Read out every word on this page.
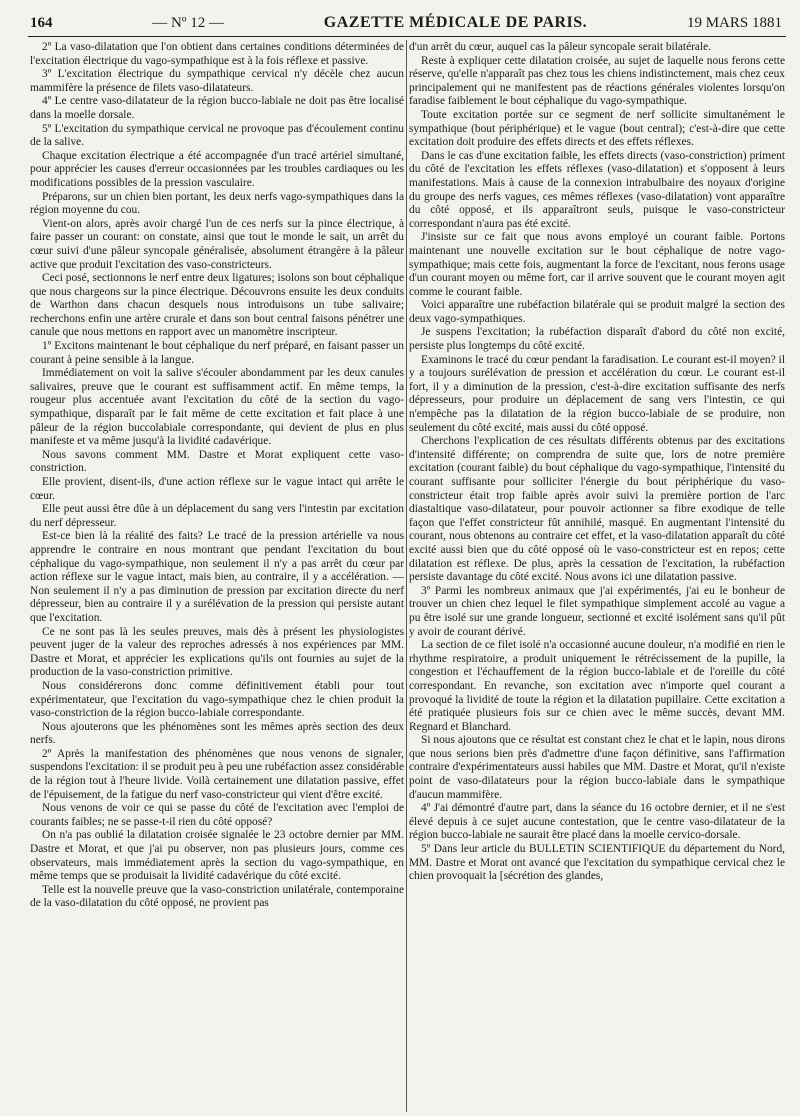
164	— Nº 12 —	GAZETTE MÉDICALE DE PARIS.	19 MARS 1881

2º La vaso-dilatation que l'on obtient dans certaines conditions déterminées de l'excitation électrique du vago-sympathique est à la fois réflexe et passive.

3º L'excitation électrique du sympathique cervical n'y décèle chez aucun mammifère la présence de filets vaso-dilatateurs.

4º Le centre vaso-dilatateur de la région bucco-labiale ne doit pas être localisé dans la moelle dorsale.

5º L'excitation du sympathique cervical ne provoque pas d'écoulement continu de la salive.

Chaque excitation électrique a été accompagnée d'un tracé artériel simultané, pour apprécier les causes d'erreur occasionnées par les troubles cardiaques ou les modifications possibles de la pression vasculaire.

Préparons, sur un chien bien portant, les deux nerfs vago-sympathiques dans la région moyenne du cou.

Vient-on alors, après avoir chargé l'un de ces nerfs sur la pince électrique, à faire passer un courant: on constate, ainsi que tout le monde le sait, un arrêt du cœur suivi d'une pâleur syncopale généralisée, absolument étrangère à la pâleur active que produit l'excitation des vaso-constricteurs.

Ceci posé, sectionnons le nerf entre deux ligatures; isolons son bout céphalique que nous chargeons sur la pince électrique. Découvrons ensuite les deux conduits de Warthon dans chacun desquels nous introduisons un tube salivaire; recherchons enfin une artère crurale et dans son bout central faisons pénétrer une canule que nous mettons en rapport avec un manomètre inscripteur.

1º Excitons maintenant le bout céphalique du nerf préparé, en faisant passer un courant à peine sensible à la langue.

Immédiatement on voit la salive s'écouler abondamment par les deux canules salivaires, preuve que le courant est suffisamment actif. En même temps, la rougeur plus accentuée avant l'excitation du côté de la section du vago-sympathique, disparaît par le fait même de cette excitation et fait place à une pâleur de la région buccolabiale correspondante, qui devient de plus en plus manifeste et va même jusqu'à la lividité cadavérique.

Nous savons comment MM. Dastre et Morat expliquent cette vaso-constriction.

Elle provient, disent-ils, d'une action réflexe sur le vague intact qui arrête le cœur.

Elle peut aussi être dûe à un déplacement du sang vers l'intestin par excitation du nerf dépresseur.

Est-ce bien là la réalité des faits? Le tracé de la pression artérielle va nous apprendre le contraire en nous montrant que pendant l'excitation du bout céphalique du vago-sympathique, non seulement il n'y a pas arrêt du cœur par action réflexe sur le vague intact, mais bien, au contraire, il y a accélération. — Non seulement il n'y a pas diminution de pression par excitation directe du nerf dépresseur, bien au contraire il y a surélévation de la pression qui persiste autant que l'excitation.

Ce ne sont pas là les seules preuves, mais dès à présent les physiologistes peuvent juger de la valeur des reproches adressés à nos expériences par MM. Dastre et Morat, et apprécier les explications qu'ils ont fournies au sujet de la production de la vaso-constriction primitive.

Nous considérerons donc comme définitivement établi pour tout expérimentateur, que l'excitation du vago-sympathique chez le chien produit la vaso-constriction de la région bucco-labiale correspondante.

Nous ajouterons que les phénomènes sont les mêmes après section des deux nerfs.

2º Après la manifestation des phénomènes que nous venons de signaler, suspendons l'excitation: il se produit peu à peu une rubéfaction assez considérable de la région tout à l'heure livide. Voilà certainement une dilatation passive, effet de l'épuisement, de la fatigue du nerf vaso-constricteur qui vient d'être excité.

Nous venons de voir ce qui se passe du côté de l'excitation avec l'emploi de courants faibles; ne se passe-t-il rien du côté opposé?

On n'a pas oublié la dilatation croisée signalée le 23 octobre dernier par MM. Dastre et Morat, et que j'ai pu observer, non pas plusieurs jours, comme ces observateurs, mais immédiatement après la section du vago-sympathique, en même temps que se produisait la lividité cadavérique du côté excité.

Telle est la nouvelle preuve que la vaso-constriction unilatérale, contemporaine de la vaso-dilatation du côté opposé, ne provient pas

d'un arrêt du cœur, auquel cas la pâleur syncopale serait bilatérale.

Reste à expliquer cette dilatation croisée, au sujet de laquelle nous ferons cette réserve, qu'elle n'apparaît pas chez tous les chiens indistinctement, mais chez ceux principalement qui ne manifestent pas de réactions générales violentes lorsqu'on faradise faiblement le bout céphalique du vago-sympathique.

Toute excitation portée sur ce segment de nerf sollicite simultanément le sympathique (bout périphérique) et le vague (bout central); c'est-à-dire que cette excitation doit produire des effets directs et des effets réflexes.

Dans le cas d'une excitation faible, les effets directs (vaso-constriction) priment du côté de l'excitation les effets réflexes (vaso-dilatation) et s'opposent à leurs manifestations. Mais à cause de la connexion intrabulbaire des noyaux d'origine du groupe des nerfs vagues, ces mêmes réflexes (vaso-dilatation) vont apparaître du côté opposé, et ils apparaîtront seuls, puisque le vaso-constricteur correspondant n'aura pas été excité.

J'insiste sur ce fait que nous avons employé un courant faible. Portons maintenant une nouvelle excitation sur le bout céphalique de notre vago-sympathique; mais cette fois, augmentant la force de l'excitant, nous ferons usage d'un courant moyen ou même fort, car il arrive souvent que le courant moyen agit comme le courant faible.

Voici apparaître une rubéfaction bilatérale qui se produit malgré la section des deux vago-sympathiques.

Je suspens l'excitation; la rubéfaction disparaît d'abord du côté non excité, persiste plus longtemps du côté excité.

Examinons le tracé du cœur pendant la faradisation. Le courant est-il moyen? il y a toujours surélévation de pression et accélération du cœur. Le courant est-il fort, il y a diminution de la pression, c'est-à-dire excitation suffisante des nerfs dépresseurs, pour produire un déplacement de sang vers l'intestin, ce qui n'empêche pas la dilatation de la région bucco-labiale de se produire, non seulement du côté excité, mais aussi du côté opposé.

Cherchons l'explication de ces résultats différents obtenus par des excitations d'intensité différente; on comprendra de suite que, lors de notre première excitation (courant faible) du bout céphalique du vago-sympathique, l'intensité du courant suffisante pour solliciter l'énergie du bout périphérique du vaso-constricteur était trop faible après avoir suivi la première portion de l'arc diastaltique vaso-dilatateur, pour pouvoir actionner sa fibre exodique de telle façon que l'effet constricteur fût annihilé, masqué. En augmentant l'intensité du courant, nous obtenons au contraire cet effet, et la vaso-dilatation apparaît du côté excité aussi bien que du côté opposé où le vaso-constricteur est en repos; cette dilatation est réflexe. De plus, après la cessation de l'excitation, la rubéfaction persiste davantage du côté excité. Nous avons ici une dilatation passive.

3º Parmi les nombreux animaux que j'ai expérimentés, j'ai eu le bonheur de trouver un chien chez lequel le filet sympathique simplement accolé au vague a pu être isolé sur une grande longueur, sectionné et excité isolément sans qu'il pût y avoir de courant dérivé.

La section de ce filet isolé n'a occasionné aucune douleur, n'a modifié en rien le rhythme respiratoire, a produit uniquement le rétrécissement de la pupille, la congestion et l'échauffement de la région bucco-labiale et de l'oreille du côté correspondant. En revanche, son excitation avec n'importe quel courant a provoqué la lividité de toute la région et la dilatation pupillaire. Cette excitation a été pratiquée plusieurs fois sur ce chien avec le même succès, devant MM. Regnard et Blanchard.

Si nous ajoutons que ce résultat est constant chez le chat et le lapin, nous dirons que nous serions bien près d'admettre d'une façon définitive, sans l'affirmation contraire d'expérimentateurs aussi habiles que MM. Dastre et Morat, qu'il n'existe point de vaso-dilatateurs pour la région bucco-labiale dans le sympathique d'aucun mammifère.

4º J'ai démontré d'autre part, dans la séance du 16 octobre dernier, et il ne s'est élevé depuis à ce sujet aucune contestation, que le centre vaso-dilatateur de la région bucco-labiale ne saurait être placé dans la moelle cervico-dorsale.

5º Dans leur article du BULLETIN SCIENTIFIQUE du département du Nord, MM. Dastre et Morat ont avancé que l'excitation du sympathique cervical chez le chien provoquait la [sécrétion des glandes,
